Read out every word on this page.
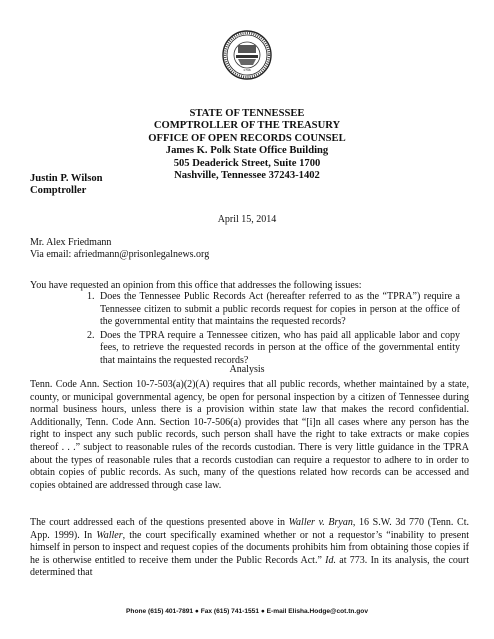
1796
STATE OF TENNESSEE
COMPTROLLER OF THE TREASURY
OFFICE OF OPEN RECORDS COUNSEL
James K. Polk State Office Building
505 Deaderick Street, Suite 1700
Nashville, Tennessee 37243-1402
Justin P. Wilson
Comptroller
April 15, 2014
Mr. Alex Friedmann
Via email: afriedmann@prisonlegalnews.org
You have requested an opinion from this office that addresses the following issues:
1. Does the Tennessee Public Records Act (hereafter referred to as the “TPRA”) require a Tennessee citizen to submit a public records request for copies in person at the office of the governmental entity that maintains the requested records?
2. Does the TPRA require a Tennessee citizen, who has paid all applicable labor and copy fees, to retrieve the requested records in person at the office of the governmental entity that maintains the requested records?
Analysis
Tenn. Code Ann. Section 10-7-503(a)(2)(A) requires that all public records, whether maintained by a state, county, or municipal governmental agency, be open for personal inspection by a citizen of Tennessee during normal business hours, unless there is a provision within state law that makes the record confidential. Additionally, Tenn. Code Ann. Section 10-7-506(a) provides that “[i]n all cases where any person has the right to inspect any such public records, such person shall have the right to take extracts or make copies thereof . . .” subject to reasonable rules of the records custodian. There is very little guidance in the TPRA about the types of reasonable rules that a records custodian can require a requestor to adhere to in order to obtain copies of public records. As such, many of the questions related how records can be accessed and copies obtained are addressed through case law.
The court addressed each of the questions presented above in Waller v. Bryan, 16 S.W. 3d 770 (Tenn. Ct. App. 1999). In Waller, the court specifically examined whether or not a requestor’s “inability to present himself in person to inspect and request copies of the documents prohibits him from obtaining those copies if he is otherwise entitled to receive them under the Public Records Act.” Id. at 773. In its analysis, the court determined that
Phone (615) 401-7891 ● Fax (615) 741-1551 ● E-mail Elisha.Hodge@cot.tn.gov
